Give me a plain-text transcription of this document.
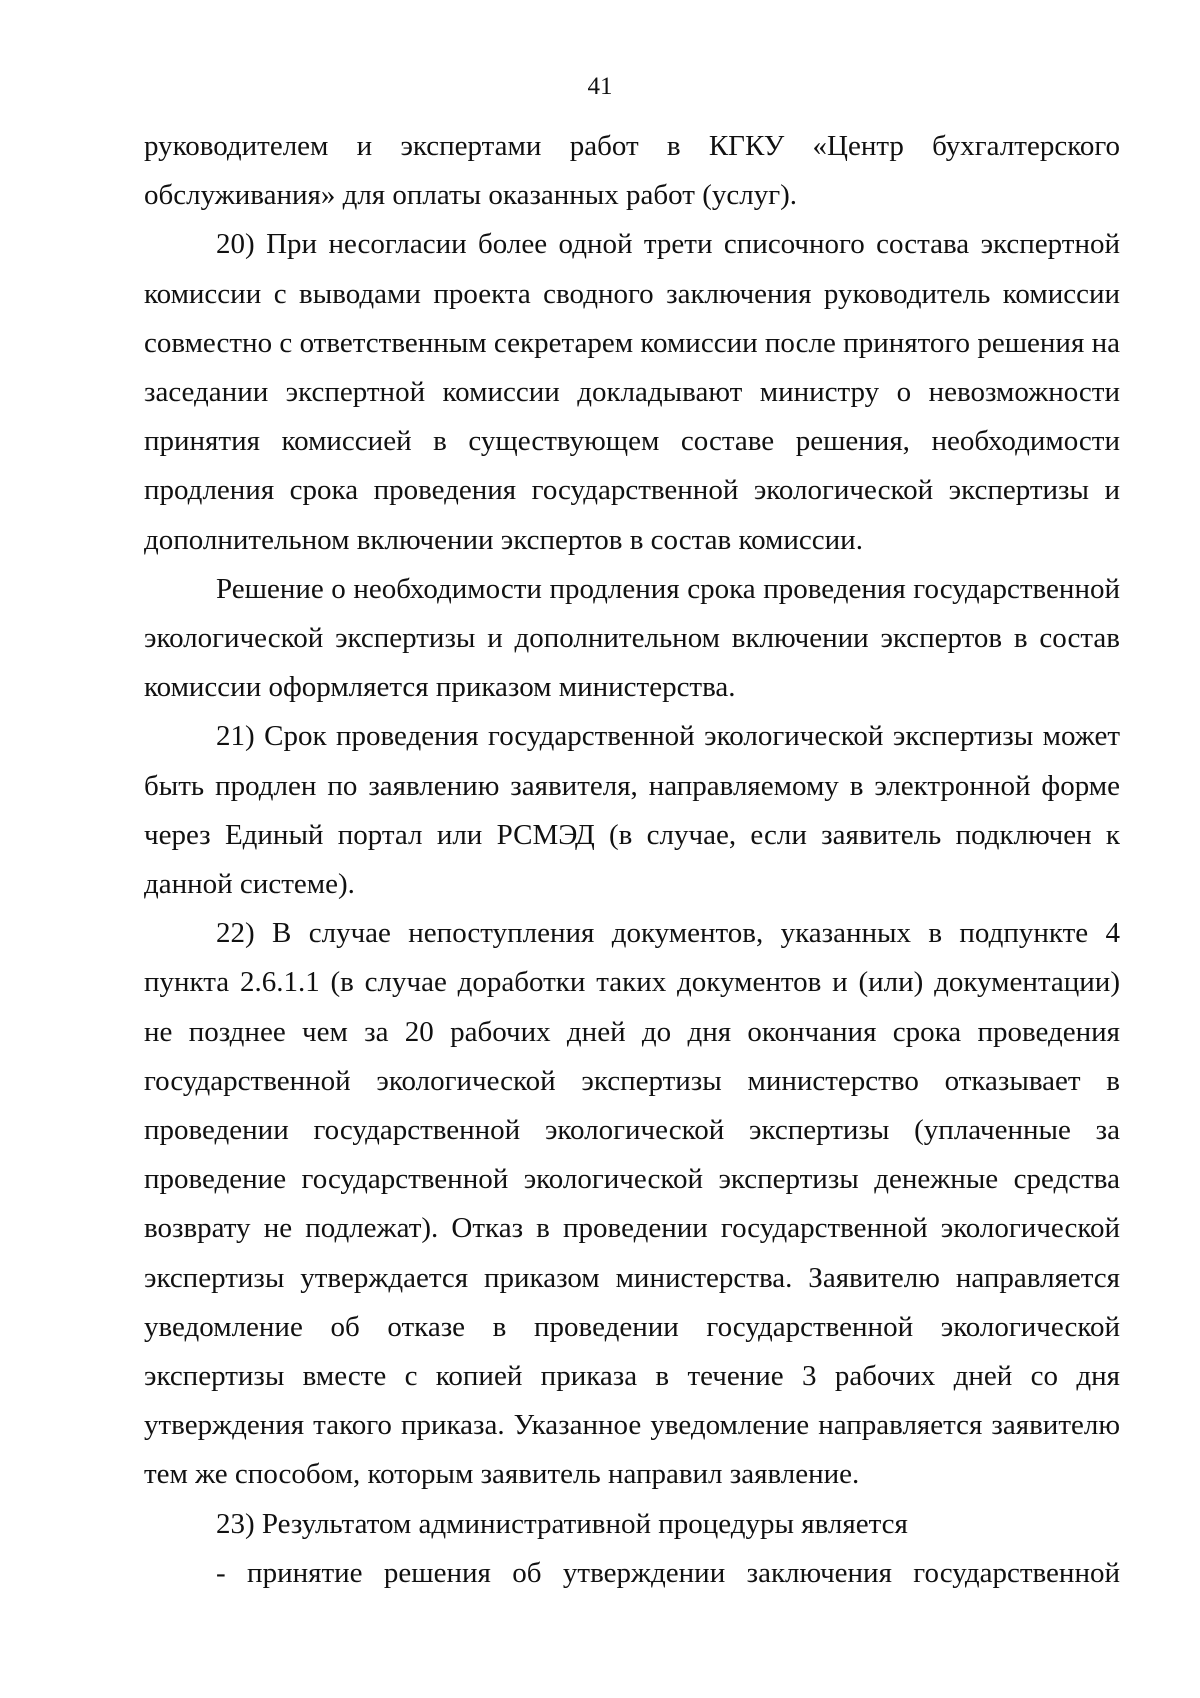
41

руководителем и экспертами работ в КГКУ «Центр бухгалтерского обслуживания» для оплаты оказанных работ (услуг).

20) При несогласии более одной трети списочного состава экспертной комиссии с выводами проекта сводного заключения руководитель комиссии совместно с ответственным секретарем комиссии после принятого решения на заседании экспертной комиссии докладывают министру о невозможности принятия комиссией в существующем составе решения, необходимости продления срока проведения государственной экологической экспертизы и дополнительном включении экспертов в состав комиссии.

Решение о необходимости продления срока проведения государственной экологической экспертизы и дополнительном включении экспертов в состав комиссии оформляется приказом министерства.

21) Срок проведения государственной экологической экспертизы может быть продлен по заявлению заявителя, направляемому в электронной форме через Единый портал или РСМЭД (в случае, если заявитель подключен к данной системе).

22) В случае непоступления документов, указанных в подпункте 4 пункта 2.6.1.1 (в случае доработки таких документов и (или) документации) не позднее чем за 20 рабочих дней до дня окончания срока проведения государственной экологической экспертизы министерство отказывает в проведении государственной экологической экспертизы (уплаченные за проведение государственной экологической экспертизы денежные средства возврату не подлежат). Отказ в проведении государственной экологической экспертизы утверждается приказом министерства. Заявителю направляется уведомление об отказе в проведении государственной экологической экспертизы вместе с копией приказа в течение 3 рабочих дней со дня утверждения такого приказа. Указанное уведомление направляется заявителю тем же способом, которым заявитель направил заявление.

23) Результатом административной процедуры является

- принятие решения об утверждении заключения государственной
